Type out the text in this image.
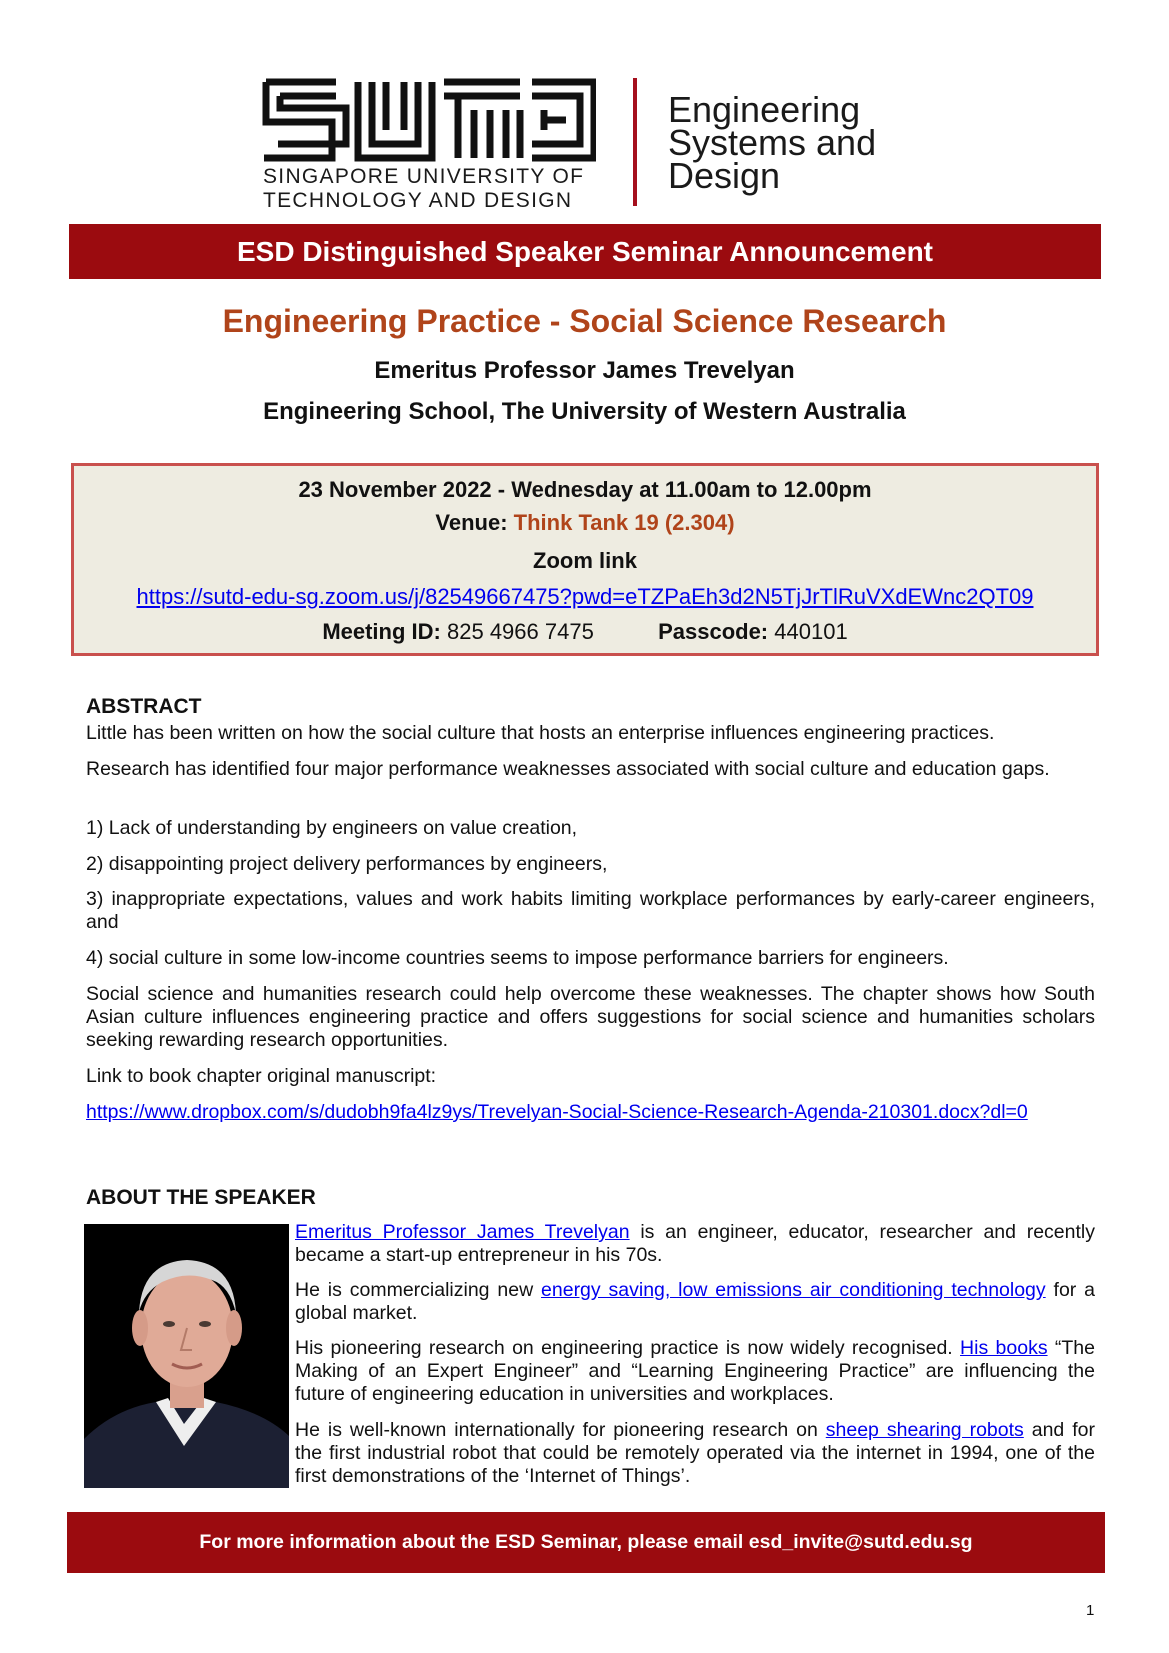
SINGAPORE UNIVERSITY OF
TECHNOLOGY AND DESIGN
Engineering
Systems and
Design
ESD Distinguished Speaker Seminar Announcement
Engineering Practice - Social Science Research
Emeritus Professor James Trevelyan
Engineering School, The University of Western Australia
23 November 2022 - Wednesday at 11.00am to 12.00pm
Venue: Think Tank 19 (2.304)
Zoom link
https://sutd-edu-sg.zoom.us/j/82549667475?pwd=eTZPaEh3d2N5TjJrTlRuVXdEWnc2QT09
Meeting ID: 825 4966 7475	Passcode: 440101
ABSTRACT
Little has been written on how the social culture that hosts an enterprise influences engineering practices.
Research has identified four major performance weaknesses associated with social culture and education gaps.
1) Lack of understanding by engineers on value creation,
2) disappointing project delivery performances by engineers,
3) inappropriate expectations, values and work habits limiting workplace performances by early-career engineers, and
4) social culture in some low-income countries seems to impose performance barriers for engineers.
Social science and humanities research could help overcome these weaknesses. The chapter shows how South Asian culture influences engineering practice and offers suggestions for social science and humanities scholars seeking rewarding research opportunities.
Link to book chapter original manuscript:
https://www.dropbox.com/s/dudobh9fa4lz9ys/Trevelyan-Social-Science-Research-Agenda-210301.docx?dl=0
ABOUT THE SPEAKER
Emeritus Professor James Trevelyan is an engineer, educator, researcher and recently became a start-up entrepreneur in his 70s.
He is commercializing new energy saving, low emissions air conditioning technology for a global market.
His pioneering research on engineering practice is now widely recognised. His books “The Making of an Expert Engineer” and “Learning Engineering Practice” are influencing the future of engineering education in universities and workplaces.
He is well-known internationally for pioneering research on sheep shearing robots and for the first industrial robot that could be remotely operated via the internet in 1994, one of the first demonstrations of the ‘Internet of Things’.
For more information about the ESD Seminar, please email esd_invite@sutd.edu.sg
1
